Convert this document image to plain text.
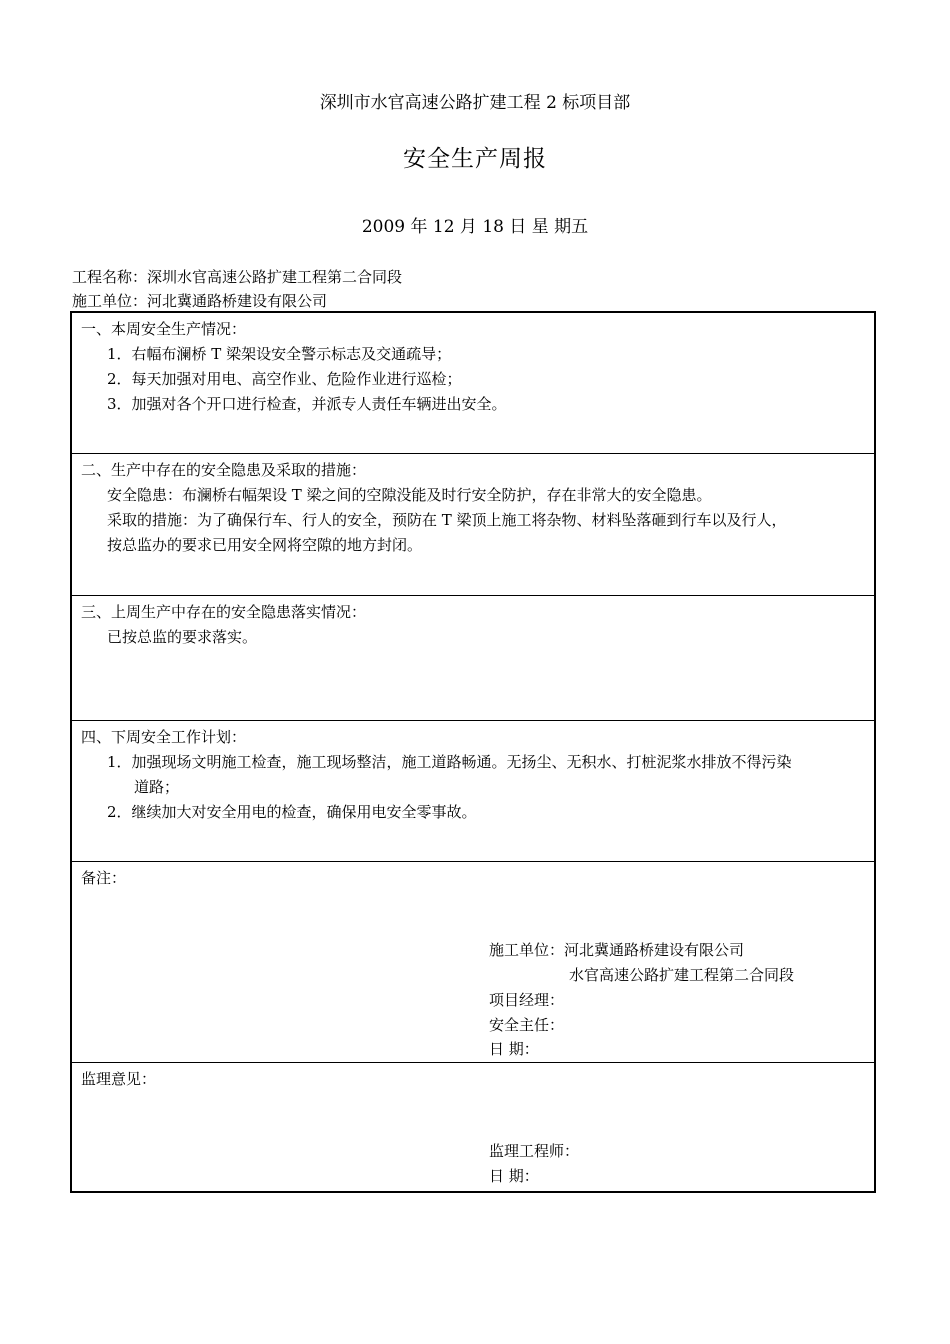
深圳市水官高速公路扩建工程 2 标项目部
安全生产周报
2009 年 12 月 18 日 星 期五
工程名称：深圳水官高速公路扩建工程第二合同段
施工单位：河北冀通路桥建设有限公司
一、本周安全生产情况：
1．右幅布澜桥 T 梁架设安全警示标志及交通疏导；
2．每天加强对用电、高空作业、危险作业进行巡检；
3．加强对各个开口进行检查，并派专人责任车辆进出安全。
二、生产中存在的安全隐患及采取的措施：
安全隐患：布澜桥右幅架设 T 梁之间的空隙没能及时行安全防护，存在非常大的安全隐患。
采取的措施：为了确保行车、行人的安全，预防在 T 梁顶上施工将杂物、材料坠落砸到行车以及行人，
按总监办的要求已用安全网将空隙的地方封闭。
三、上周生产中存在的安全隐患落实情况：
已按总监的要求落实。
四、下周安全工作计划：
1．加强现场文明施工检查，施工现场整洁，施工道路畅通。无扬尘、无积水、打桩泥浆水排放不得污染
道路；
2．继续加大对安全用电的检查，确保用电安全零事故。
备注：
施工单位：河北冀通路桥建设有限公司
水官高速公路扩建工程第二合同段
项目经理：
安全主任：
日 期：
监理意见：
监理工程师：
日 期：
